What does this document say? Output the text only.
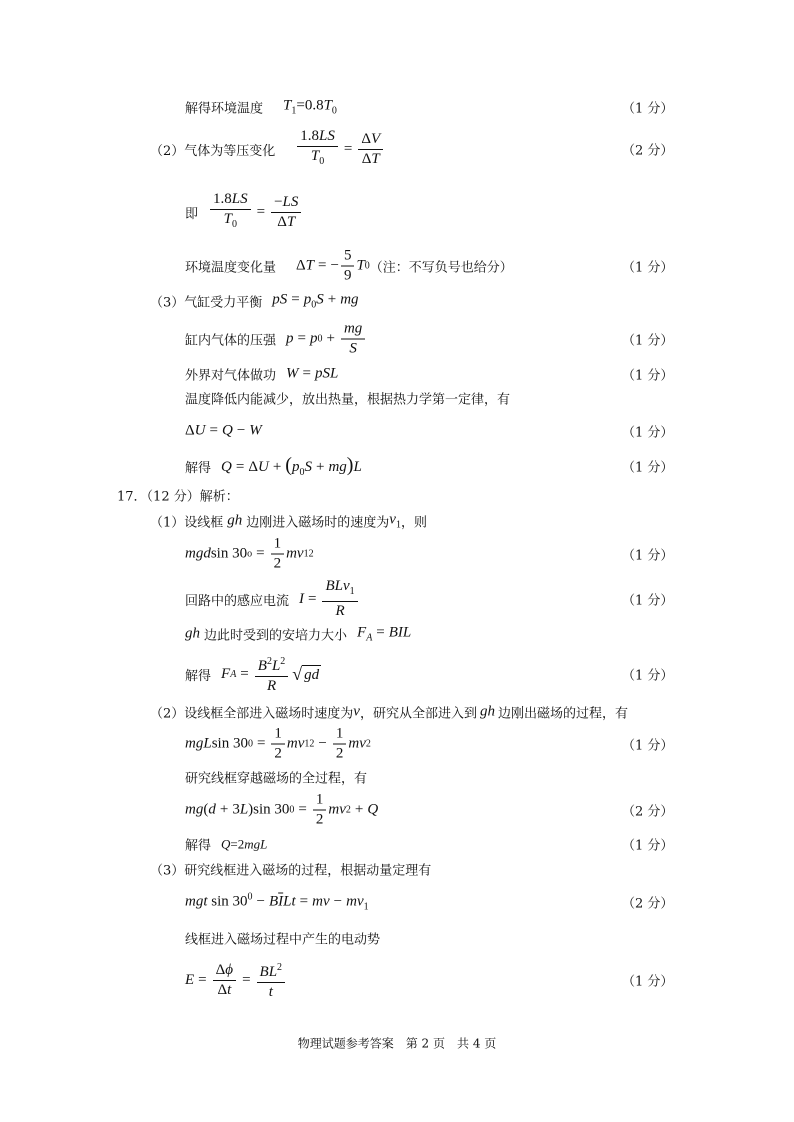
解得环境温度 $T_1=0.8T_0$	（1 分）
（2）气体为等压变化 $\frac{1.8LS}{T_0} = \frac{\Delta V}{\Delta T}$	（2 分）
即 $\frac{1.8LS}{T_0} = \frac{-LS}{\Delta T}$
环境温度变化量 Δ T = − $\frac{5}{9}$ T 0 （注：不写负号也给分）	（1 分）
（3）气缸受力平衡 pS = $p_0S$ + mg
缸内气体的压强 p = p $0 + \frac{mg}{S}$	（1 分）
外界对气体做功 W = pSL	（1 分）
温度降低内能减少，放出热量，根据热力学第一定律，有
ΔU = Q − W	（1 分）
解得 $Q = \Delta U + (p_0S + mg)L$	（1 分）
17．（12 分）解析：
（1）设线框 gh 边刚进入磁场时的速度为 $v_1$ ，则
mgd sin 30 $o = \frac{1}{2}$ mv 1 2	（1 分）
回路中的感应电流 $I = \frac{BLv_1}{R}$	（1 分）
gh 边此时受到的安培力大小 $F_A$ = BIL
解得 F $A = \frac{B^2L^2}{R}$ √ gd	（1 分）
（2）设线框全部进入磁场时速度为 v ，研究从全部进入到 gh 边刚出磁场的过程，有
mgL sin 30 $0 = \frac{1}{2}$ mv 1 $2 - \frac{1}{2}$ mv 2	（1 分）
研究线框穿越磁场的全过程，有
mg ( d + 3 L ) sin 30 $0 = \frac{1}{2}$ mv 2 + Q	（2 分）
解得 Q=2mgL	（1 分）
（3）研究线框进入磁场的过程，根据动量定理有
mgt $\sin 30^0 - B\overline{I}Lt$ = mv − $mv_1$	（2 分）
线框进入磁场过程中产生的电动势
$E = \frac{\Delta\phi}{\Delta t} = \frac{BL^2}{t}$	（1 分）
物理试题参考答案　第 2 页　共 4 页
